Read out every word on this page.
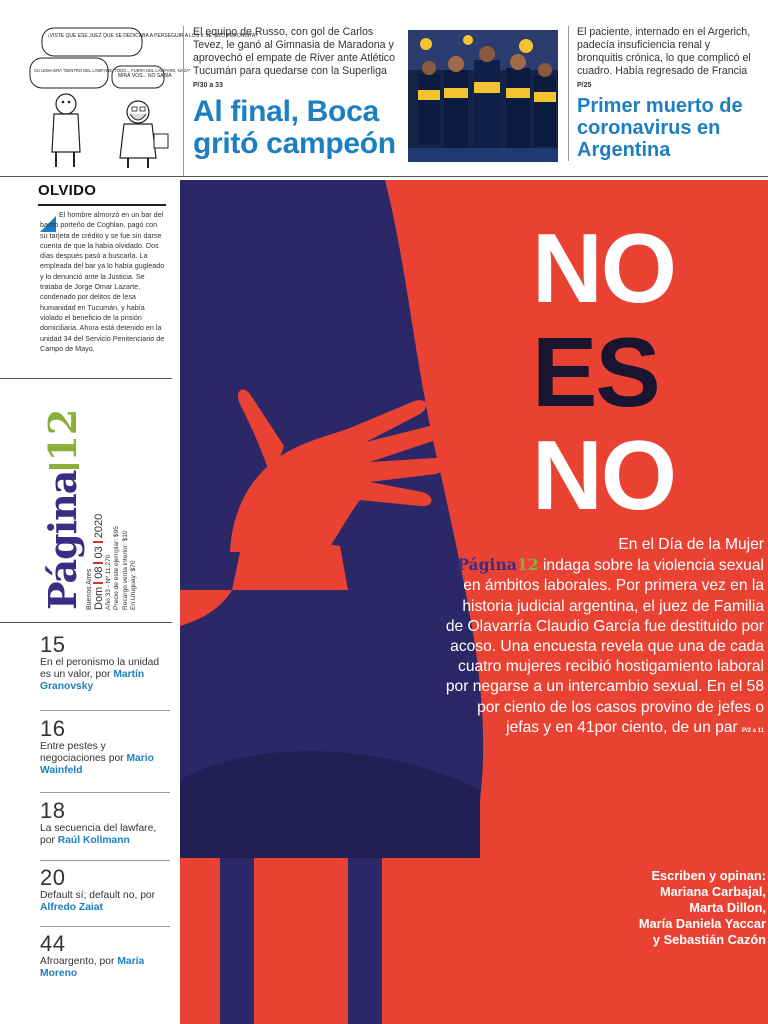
¡VISTE QUE ESE JUEZ QUE SE DEDICABA A PERSEGUIR A LOS K SE HIZO PERONISTA?
MIRÁ VOS... NO SABÍA
SU LEMA ERA "DENTRO DEL LAWFARE, TODO... FUERA DEL LAWFARE, NADA"

El equipo de Russo, con gol de Carlos Tevez, le ganó al Gimnasia de Maradona y aprovechó el empate de River ante Atlético Tucumán para quedarse con la Superliga P/30 a 33

Al final, Boca gritó campeón

El paciente, internado en el Argerich, padecía insuficiencia renal y bronquitis crónica, lo que complicó el cuadro. Había regresado de Francia P/25

Primer muerto de coronavirus en Argentina
OLVIDO

El hombre almorzó en un bar del barrio porteño de Coghlan, pagó con su tarjeta de crédito y se fue sin darse cuenta de que la había olvidado. Dos días después pasó a buscarla. La empleada del bar ya lo había gugleado y lo denunció ante la Justicia. Se trataba de Jorge Omar Lazarte, condenado por delitos de lesa humanidad en Tucumán, y había violado el beneficio de la prisión domiciliaria. Ahora está detenido en la unidad 34 del Servicio Penitenciario de Campo de Mayo.

Página12
Buenos Aires Dom08032020
Año 33 - Nº 11.270 Precio de este ejemplar: $95 Recargo venta interior: $10 En Uruguay: $70
15
En el peronismo la unidad es un valor, por Martín Granovsky
16
Entre pestes y negociaciones por Mario Wainfeld
18
La secuencia del lawfare, por Raúl Kollmann
20
Default sí; default no, por Alfredo Zaiat
44
Afroargento, por María Moreno
NO
ES
NO

En el Día de la Mujer
Página12 indaga sobre la violencia sexual en ámbitos laborales. Por primera vez en la historia judicial argentina, el juez de Familia de Olavarría Claudio García fue destituido por acoso. Una encuesta revela que una de cada cuatro mujeres recibió hostigamiento laboral por negarse a un intercambio sexual. En el 58 por ciento de los casos provino de jefes o jefas y en 41por ciento, de un par P/2 a 11

Escriben y opinan:
Mariana Carbajal,
Marta Dillon,
María Daniela Yaccar
y Sebastián Cazón
